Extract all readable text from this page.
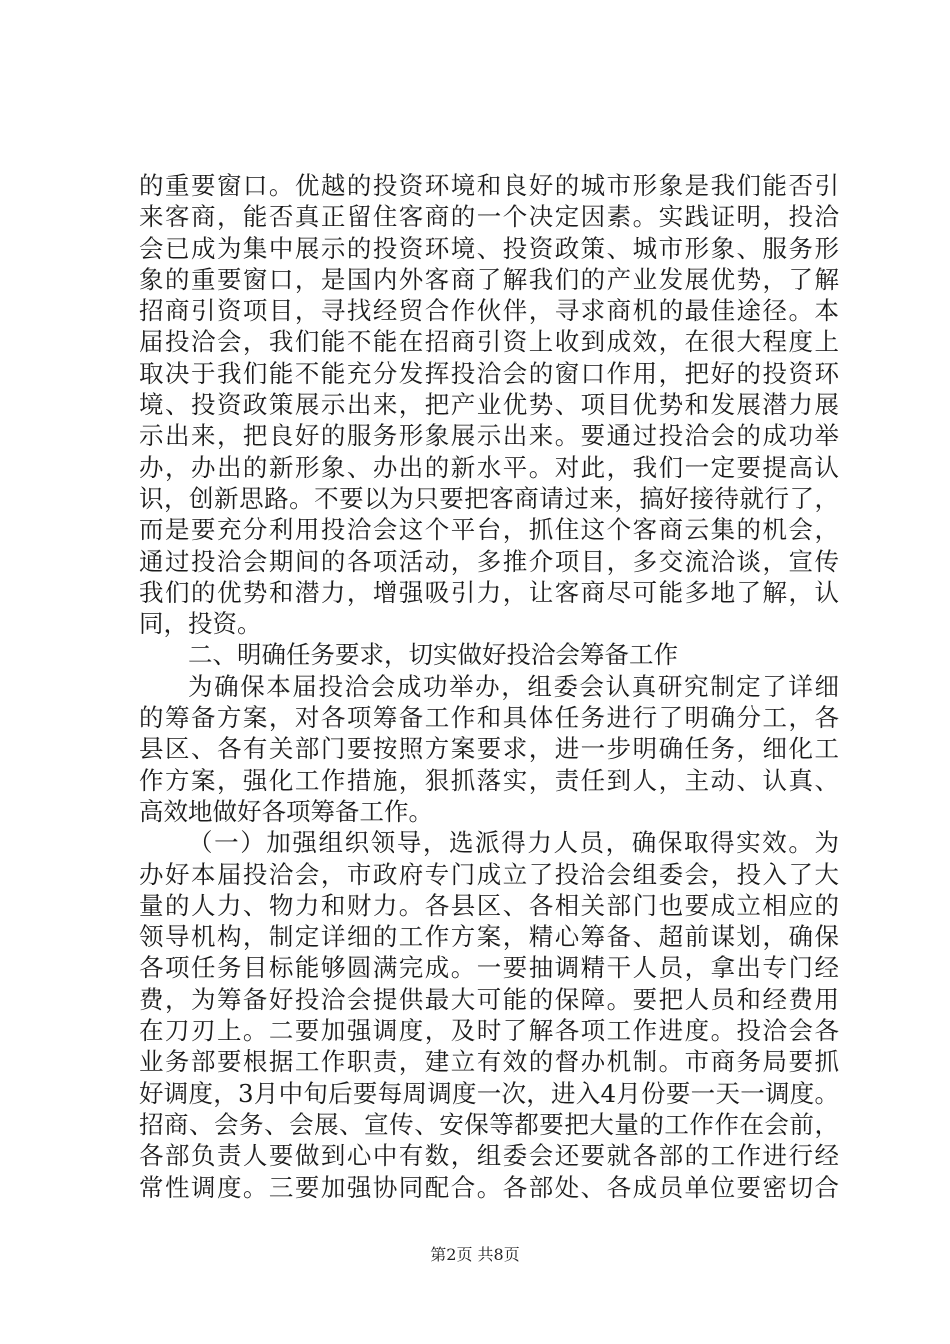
的重要窗口。优越的投资环境和良好的城市形象是我们能否引
来客商，能否真正留住客商的一个决定因素。实践证明，投洽
会已成为集中展示的投资环境、投资政策、城市形象、服务形
象的重要窗口，是国内外客商了解我们的产业发展优势，了解
招商引资项目，寻找经贸合作伙伴，寻求商机的最佳途径。本
届投洽会，我们能不能在招商引资上收到成效，在很大程度上
取决于我们能不能充分发挥投洽会的窗口作用，把好的投资环
境、投资政策展示出来，把产业优势、项目优势和发展潜力展
示出来，把良好的服务形象展示出来。要通过投洽会的成功举
办，办出的新形象、办出的新水平。对此，我们一定要提高认
识，创新思路。不要以为只要把客商请过来，搞好接待就行了，
而是要充分利用投洽会这个平台，抓住这个客商云集的机会，
通过投洽会期间的各项活动，多推介项目，多交流洽谈，宣传
我们的优势和潜力，增强吸引力，让客商尽可能多地了解，认
同，投资。
二、明确任务要求，切实做好投洽会筹备工作
为确保本届投洽会成功举办，组委会认真研究制定了详细
的筹备方案，对各项筹备工作和具体任务进行了明确分工，各
县区、各有关部门要按照方案要求，进一步明确任务，细化工
作方案，强化工作措施，狠抓落实，责任到人，主动、认真、
高效地做好各项筹备工作。
（一）加强组织领导，选派得力人员，确保取得实效。为
办好本届投洽会，市政府专门成立了投洽会组委会，投入了大
量的人力、物力和财力。各县区、各相关部门也要成立相应的
领导机构，制定详细的工作方案，精心筹备、超前谋划，确保
各项任务目标能够圆满完成。一要抽调精干人员，拿出专门经
费，为筹备好投洽会提供最大可能的保障。要把人员和经费用
在刀刃上。二要加强调度，及时了解各项工作进度。投洽会各
业务部要根据工作职责，建立有效的督办机制。市商务局要抓
好调度，3月中旬后要每周调度一次，进入4月份要一天一调度。
招商、会务、会展、宣传、安保等都要把大量的工作作在会前，
各部负责人要做到心中有数，组委会还要就各部的工作进行经
常性调度。三要加强协同配合。各部处、各成员单位要密切合
第2页 共8页
